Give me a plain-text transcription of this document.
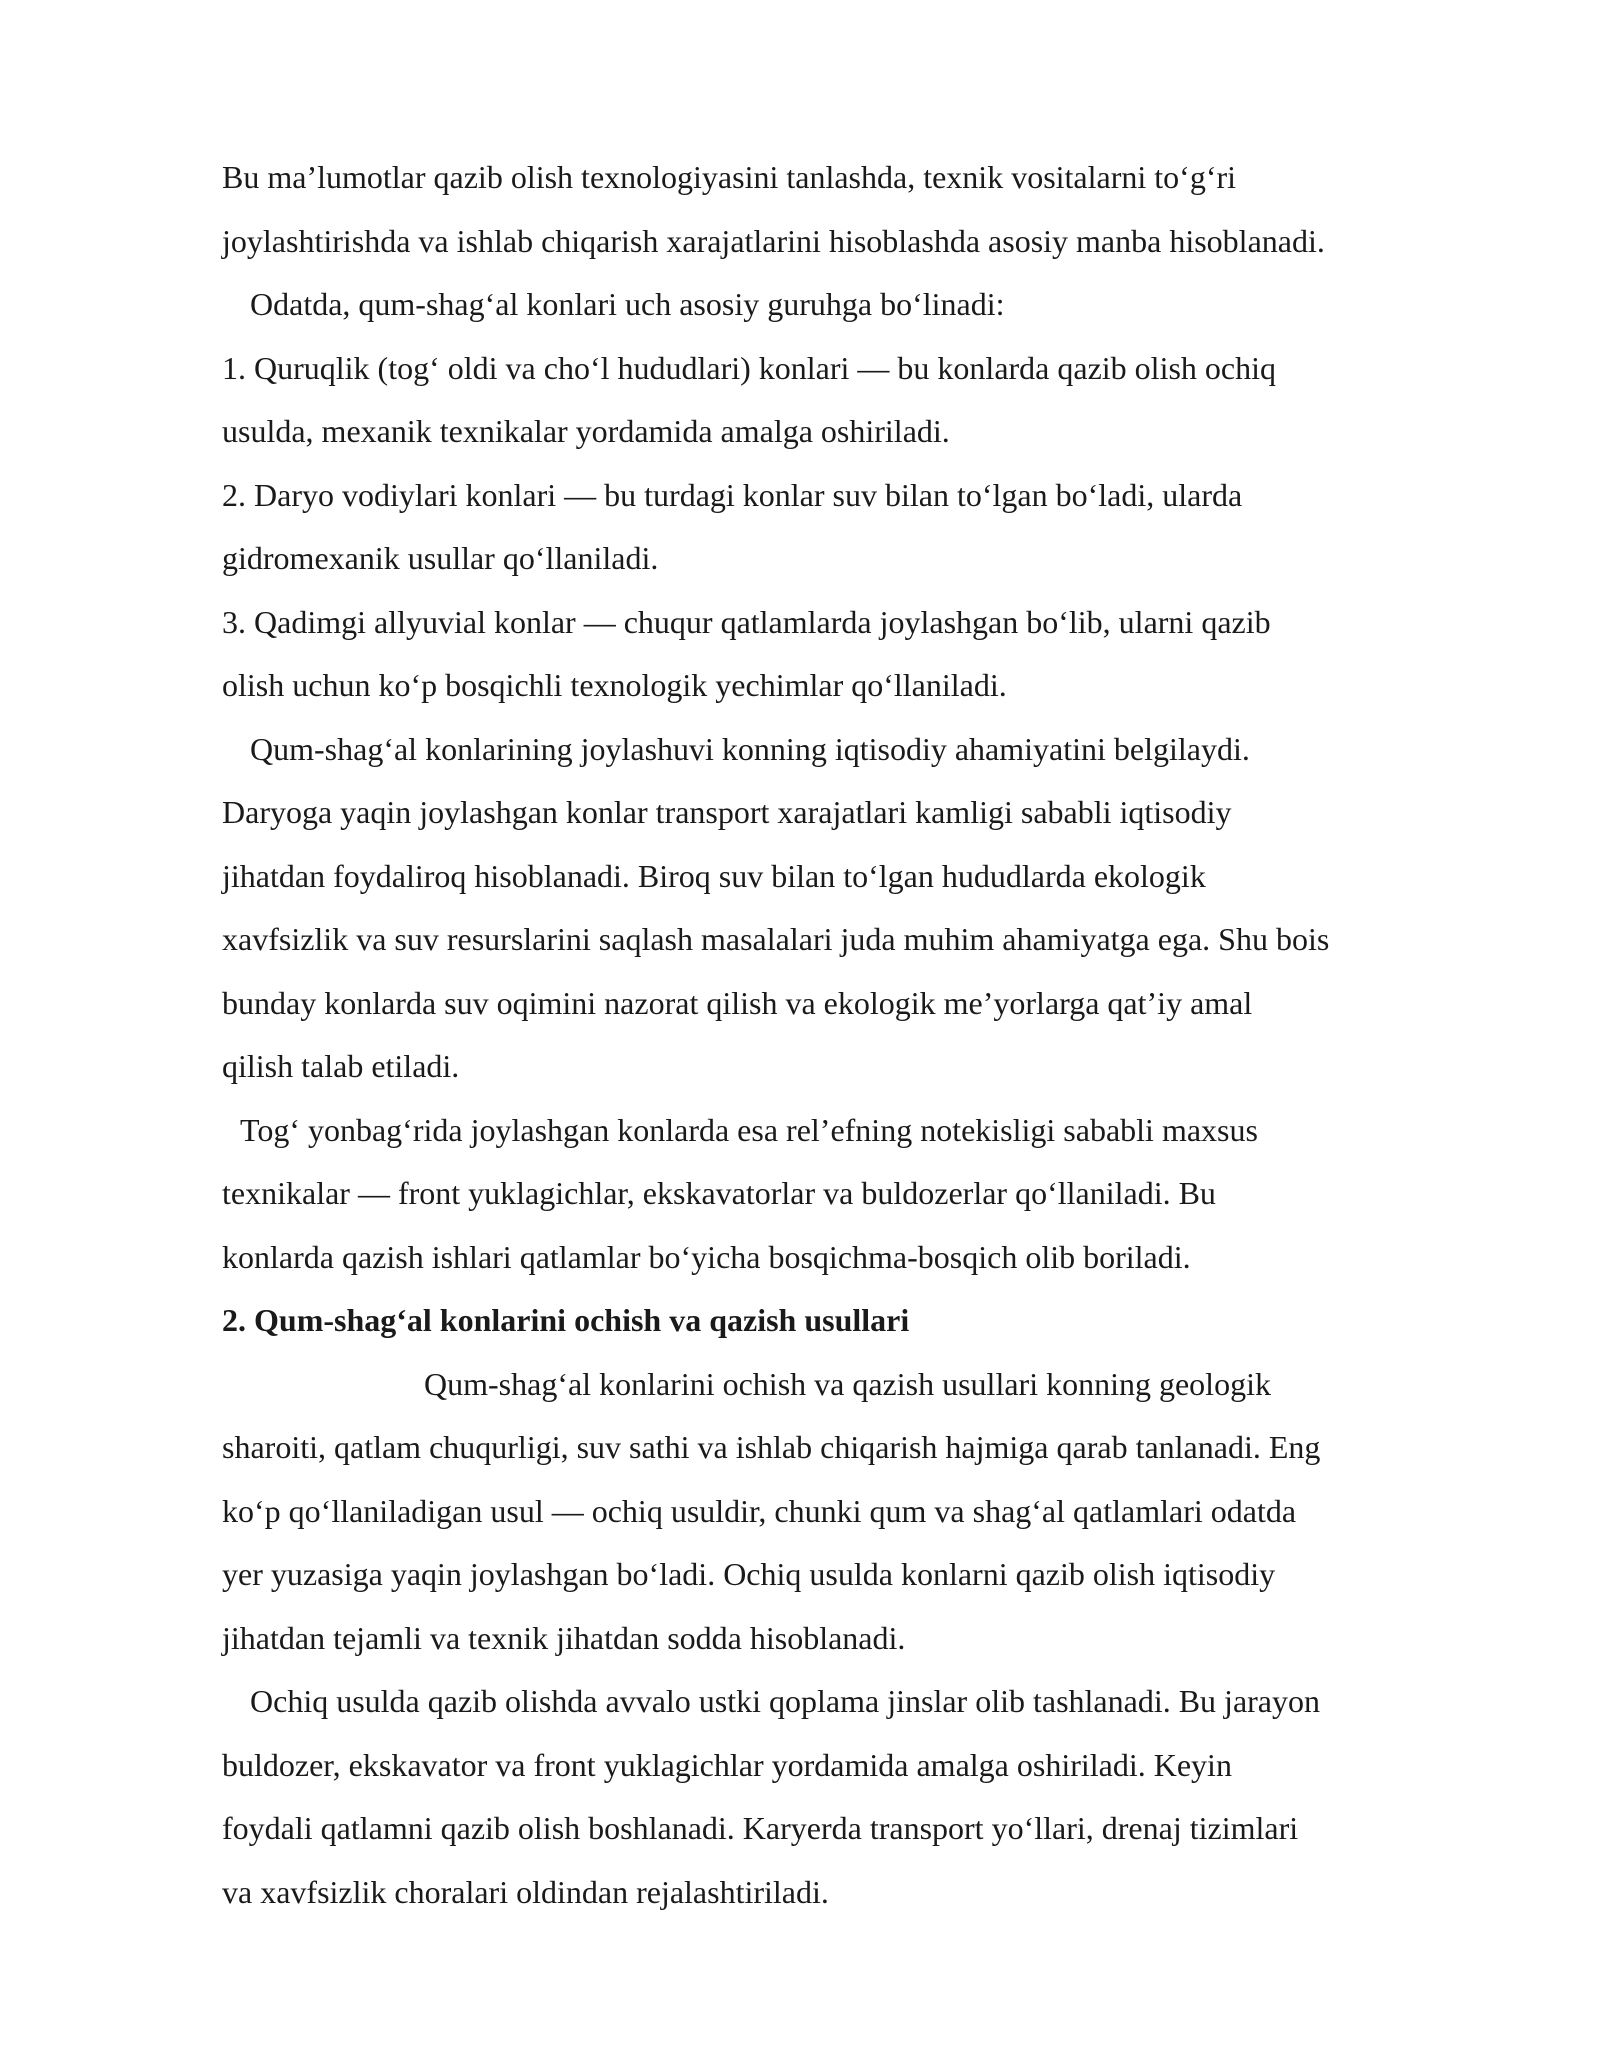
Bu ma’lumotlar qazib olish texnologiyasini tanlashda, texnik vositalarni to‘g‘ri
joylashtirishda va ishlab chiqarish xarajatlarini hisoblashda asosiy manba hisoblanadi.
Odatda, qum-shag‘al konlari uch asosiy guruhga bo‘linadi:
1. Quruqlik (tog‘ oldi va cho‘l hududlari) konlari — bu konlarda qazib olish ochiq
usulda, mexanik texnikalar yordamida amalga oshiriladi.
2. Daryo vodiylari konlari — bu turdagi konlar suv bilan to‘lgan bo‘ladi, ularda
gidromexanik usullar qo‘llaniladi.
3. Qadimgi allyuvial konlar — chuqur qatlamlarda joylashgan bo‘lib, ularni qazib
olish uchun ko‘p bosqichli texnologik yechimlar qo‘llaniladi.
Qum-shag‘al konlarining joylashuvi konning iqtisodiy ahamiyatini belgilaydi.
Daryoga yaqin joylashgan konlar transport xarajatlari kamligi sababli iqtisodiy
jihatdan foydaliroq hisoblanadi. Biroq suv bilan to‘lgan hududlarda ekologik
xavfsizlik va suv resurslarini saqlash masalalari juda muhim ahamiyatga ega. Shu bois
bunday konlarda suv oqimini nazorat qilish va ekologik me’yorlarga qat’iy amal
qilish talab etiladi.
Tog‘ yonbag‘rida joylashgan konlarda esa rel’efning notekisligi sababli maxsus
texnikalar — front yuklagichlar, ekskavatorlar va buldozerlar qo‘llaniladi. Bu
konlarda qazish ishlari qatlamlar bo‘yicha bosqichma-bosqich olib boriladi.
2. Qum-shag‘al konlarini ochish va qazish usullari
Qum-shag‘al konlarini ochish va qazish usullari konning geologik
sharoiti, qatlam chuqurligi, suv sathi va ishlab chiqarish hajmiga qarab tanlanadi. Eng
ko‘p qo‘llaniladigan usul — ochiq usuldir, chunki qum va shag‘al qatlamlari odatda
yer yuzasiga yaqin joylashgan bo‘ladi. Ochiq usulda konlarni qazib olish iqtisodiy
jihatdan tejamli va texnik jihatdan sodda hisoblanadi.
Ochiq usulda qazib olishda avvalo ustki qoplama jinslar olib tashlanadi. Bu jarayon
buldozer, ekskavator va front yuklagichlar yordamida amalga oshiriladi. Keyin
foydali qatlamni qazib olish boshlanadi. Karyerda transport yo‘llari, drenaj tizimlari
va xavfsizlik choralari oldindan rejalashtiriladi.
